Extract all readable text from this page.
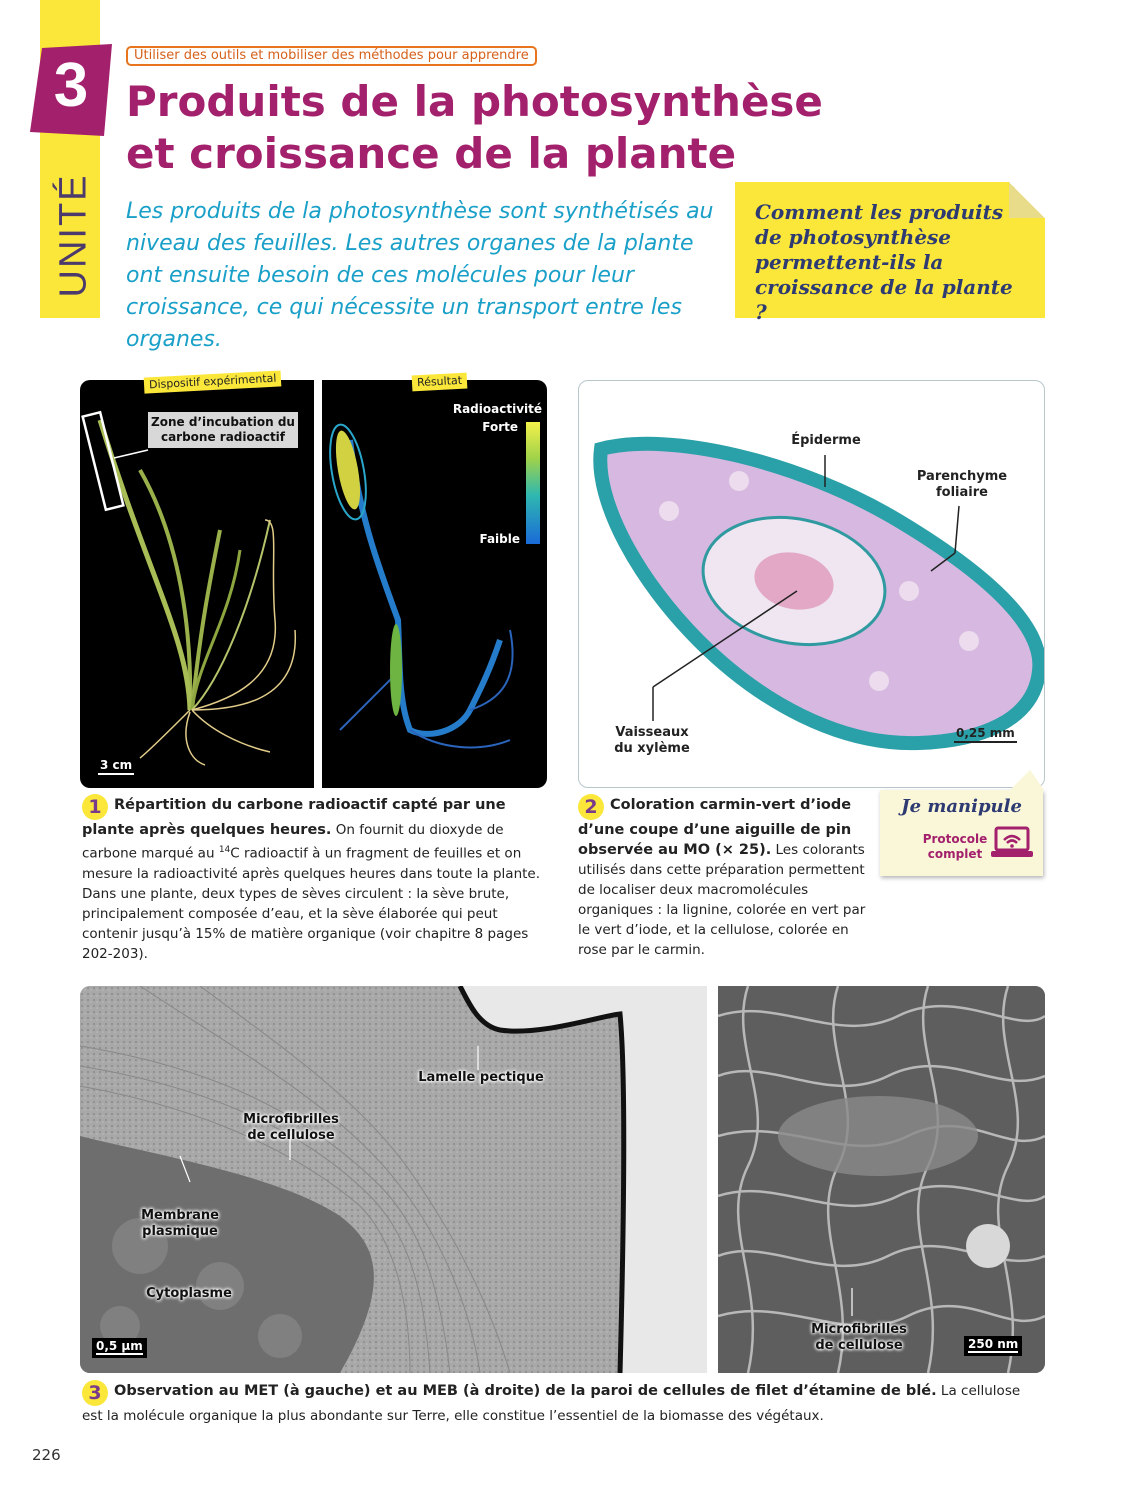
UNITÉ
3	Utiliser des outils et mobiliser des méthodes pour apprendre
Produits de la photosynthèse
et croissance de la plante
Les produits de la photosynthèse sont synthétisés au niveau des feuilles. Les autres organes de la plante ont ensuite besoin de ces molécules pour leur croissance, ce qui nécessite un transport entre les organes.
Comment les produits de photosynthèse permettent-ils la croissance de la plante ?
Dispositif expérimental	Résultat
Zone d’incubation du carbone radioactif
Radioactivité
Forte
Faible
3 cm
1 Répartition du carbone radioactif capté par une plante après quelques heures. On fournit du dioxyde de carbone marqué au $^{14}$C radioactif à un fragment de feuilles et on mesure la radioactivité après quelques heures dans toute la plante. Dans une plante, deux types de sèves circulent : la sève brute, principalement composée d’eau, et la sève élaborée qui peut contenir jusqu’à 15% de matière organique (voir chapitre 8 pages 202-203).
Épiderme
Parenchyme foliaire
Vaisseaux du xylème
0,25 mm
2 Coloration carmin-vert d’iode d’une coupe d’une aiguille de pin observée au MO (× 25). Les colorants utilisés dans cette préparation permettent de localiser deux macromolécules organiques : la lignine, colorée en vert par le vert d’iode, et la cellulose, colorée en rose par le carmin.
Je manipule
Protocole complet
Lamelle pectique
Microfibrilles de cellulose
Membrane plasmique
Cytoplasme
0,5 µm
Microfibrilles de cellulose	250 nm
3 Observation au MET (à gauche) et au MEB (à droite) de la paroi de cellules de filet d’étamine de blé. La cellulose est la molécule organique la plus abondante sur Terre, elle constitue l’essentiel de la biomasse des végétaux.
226
